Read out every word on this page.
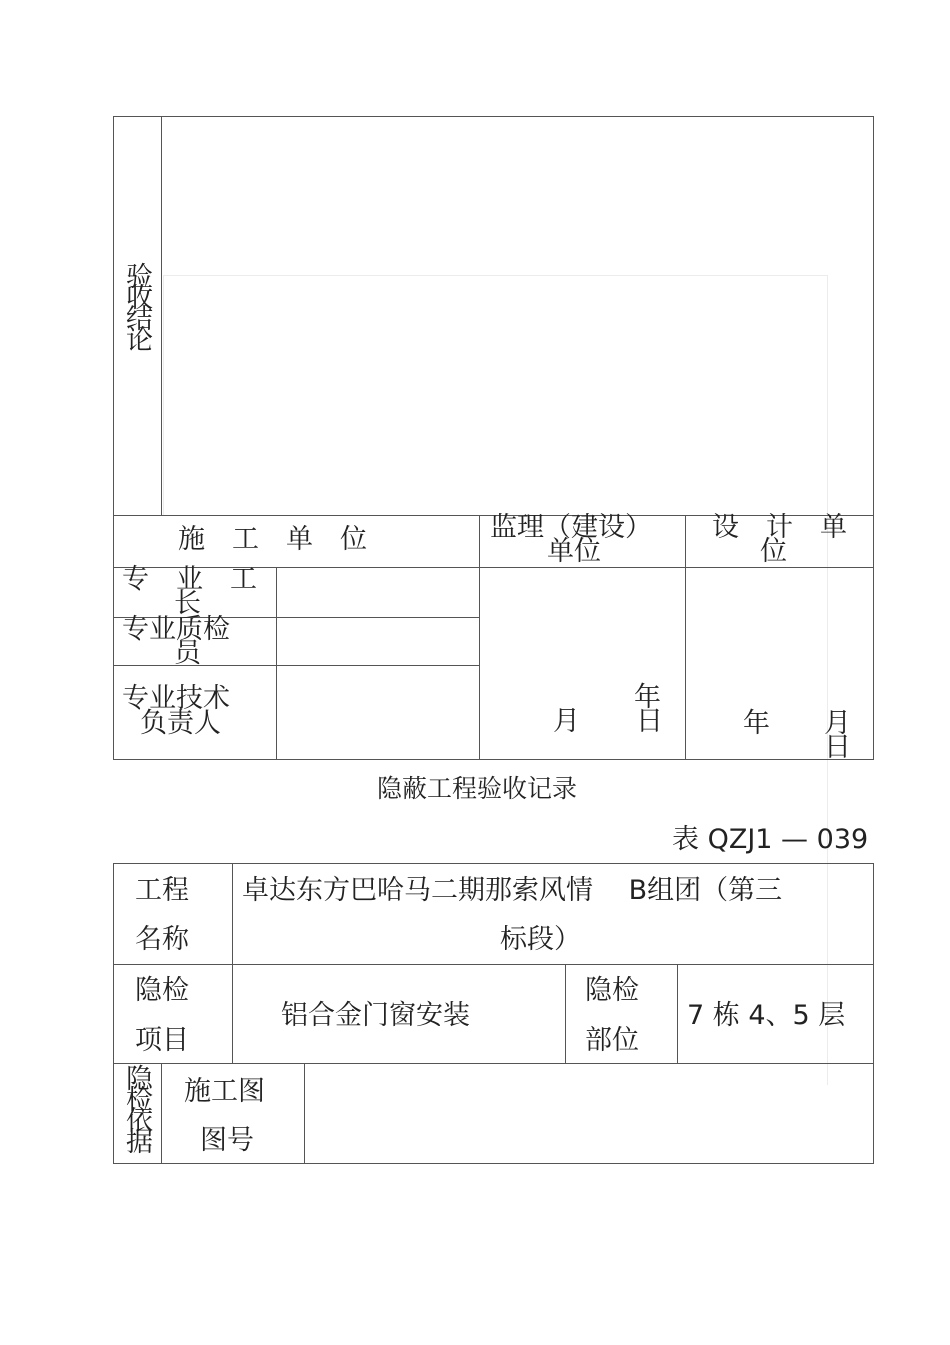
验收结论
施　工　单　位	监理（建设）
单位
设　计　单
位
专　业　工
长
专业质检
员
专业技术
负责人
年
月 日	年 月
日
隐蔽工程验收记录
表 QZJ1 — 039
工程
名称
卓达东方巴哈马二期那索风情　 B组团（第三
标段）
隐检
项目
铝合金门窗安装
隐检
部位
7 栋 4、5 层
隐检依据 施工图
图号
